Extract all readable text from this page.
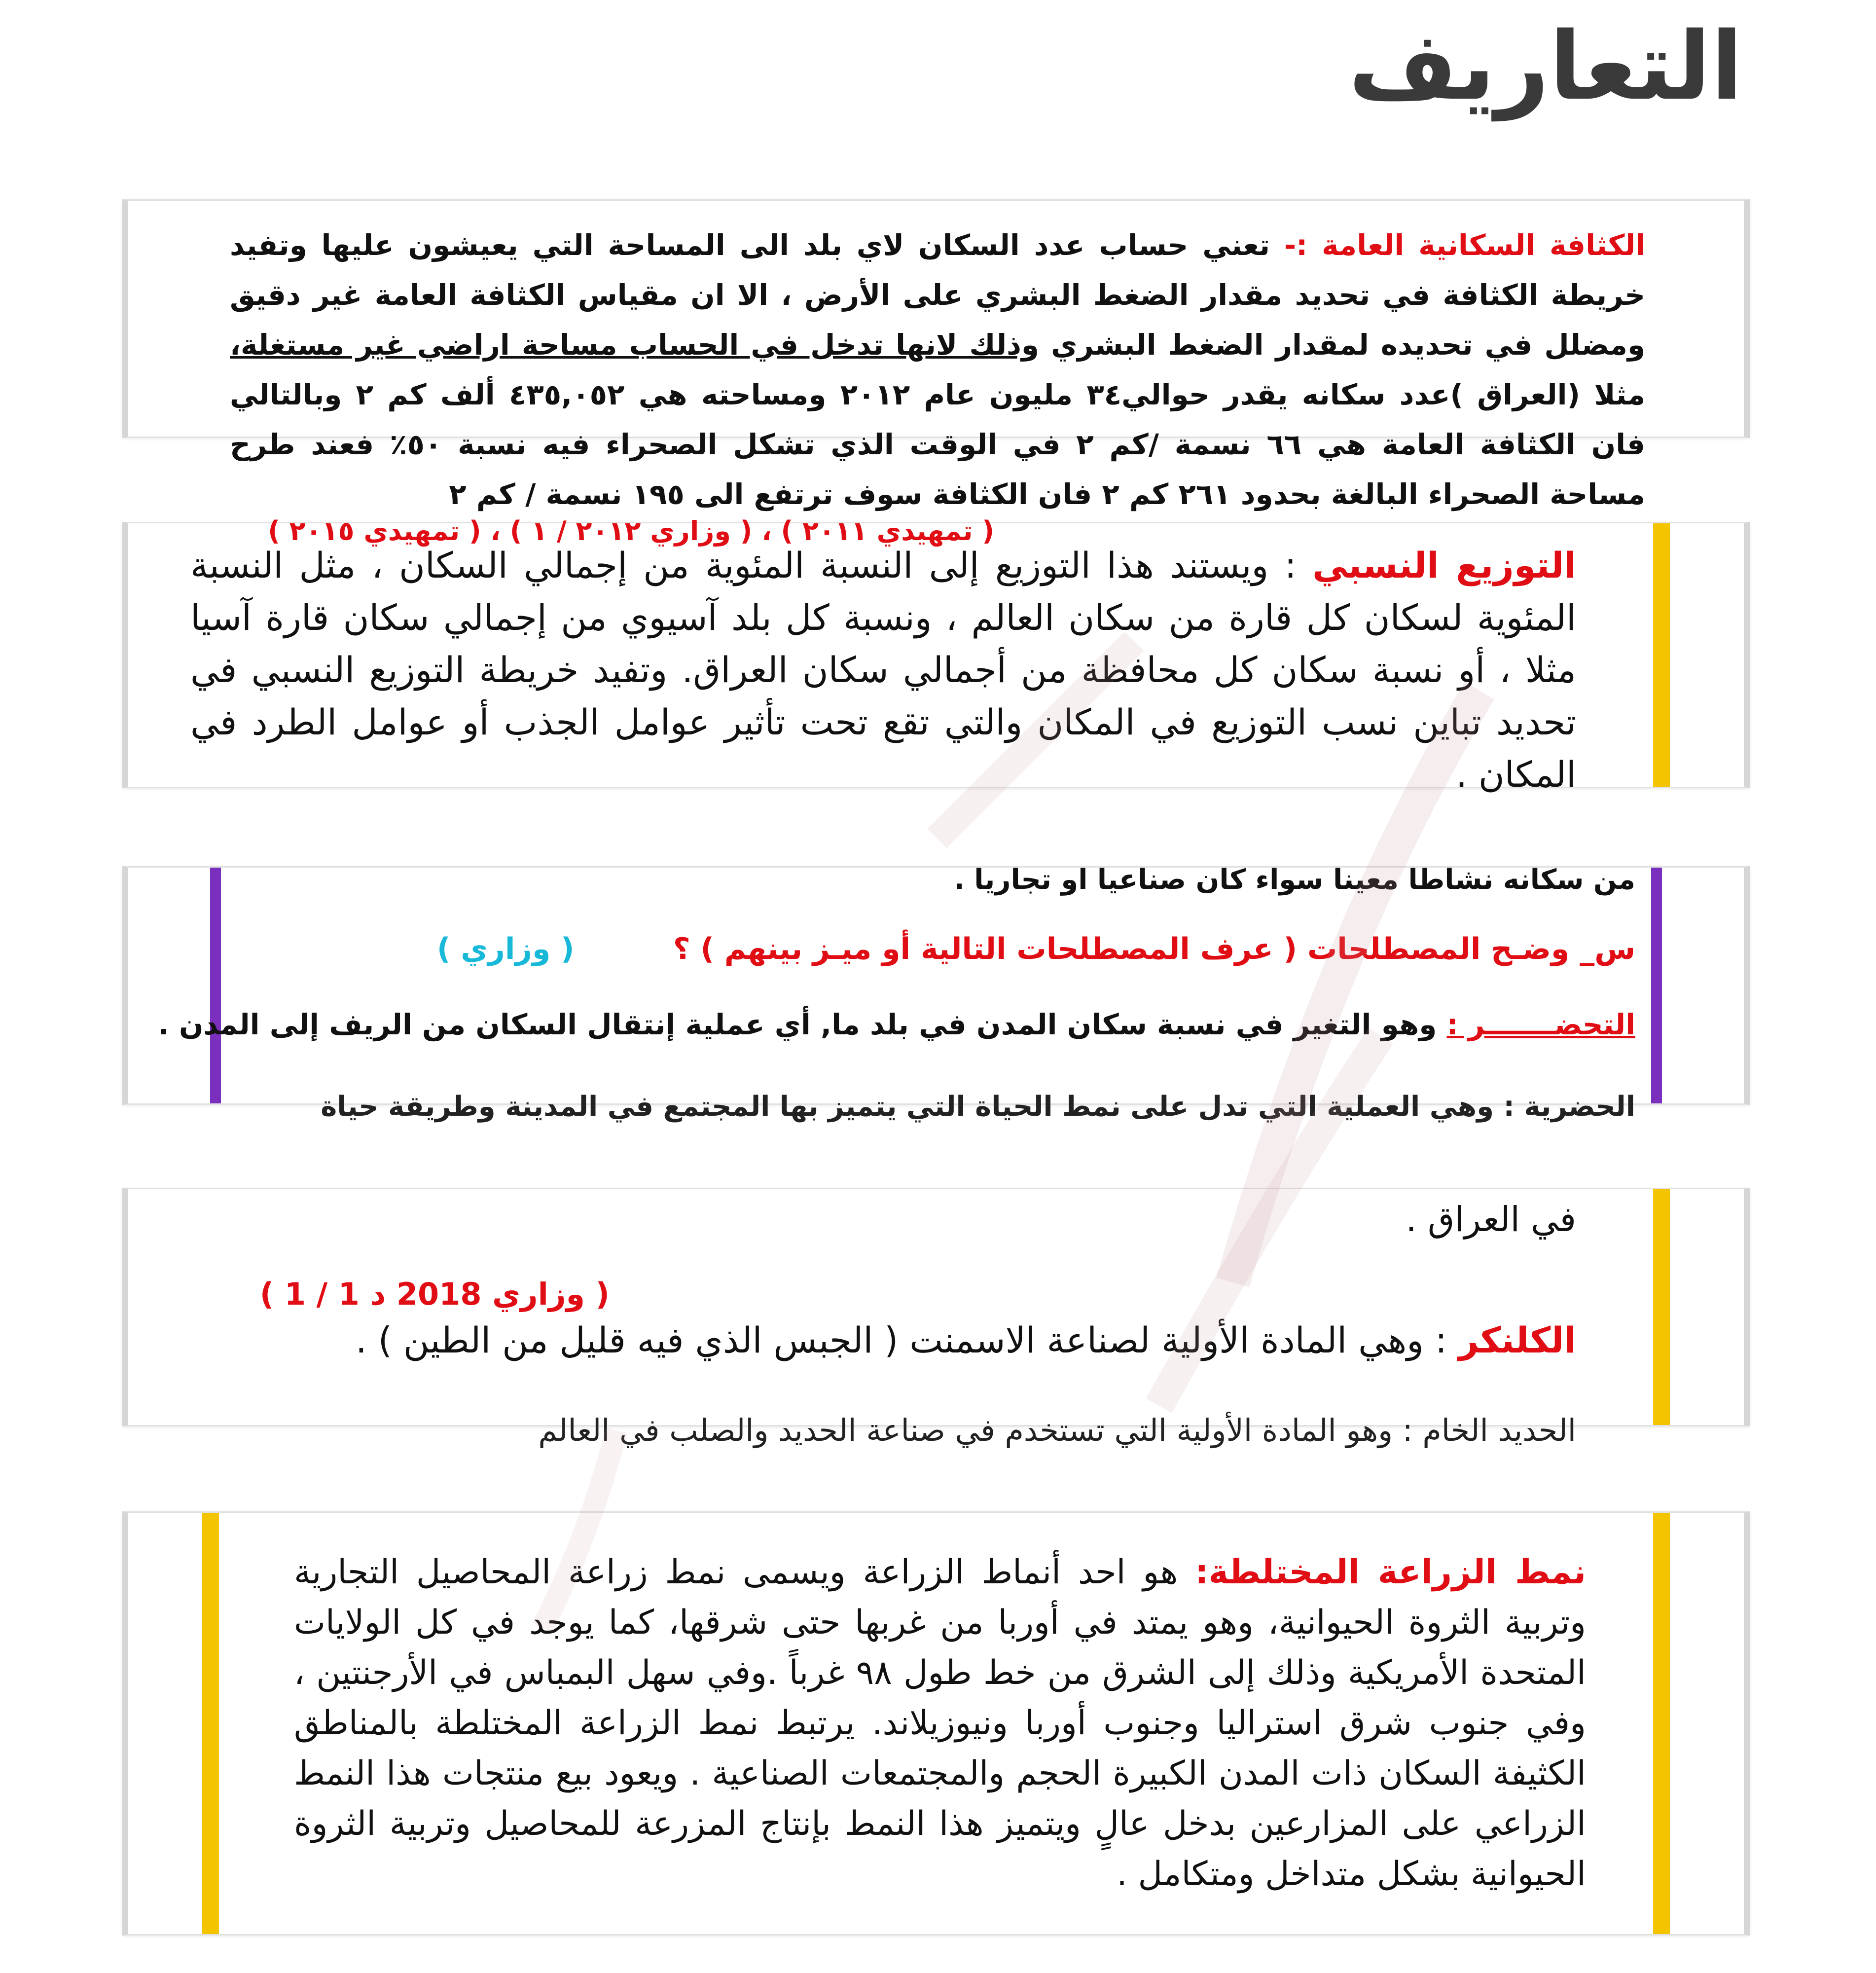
التعاريف
الكثافة السكانية العامة :- تعني حساب عدد السكان لاي بلد الى المساحة التي يعيشون عليها وتفيد خريطة الكثافة في تحديد مقدار الضغط البشري على الأرض ، الا ان مقياس الكثافة العامة غير دقيق ومضلل في تحديده لمقدار الضغط البشري وذلك لانها تدخل في الحساب مساحة اراضي غير مستغلة، مثلا (العراق )عدد سكانه يقدر حوالي٣٤ مليون عام ٢٠١٢ ومساحته هي ٤٣٥,٠٥٢ ألف كم ٢ وبالتالي فان الكثافة العامة هي ٦٦ نسمة /كم ٢ في الوقت الذي تشكل الصحراء فيه نسبة ٥٠٪ فعند طرح مساحة الصحراء البالغة بحدود ٢٦١ كم ٢ فان الكثافة سوف ترتفع الى ١٩٥ نسمة / كم ٢
( تمهيدي ٢٠١١ ) ، ( وزاري ٢٠١٢ / ١ ) ، ( تمهيدي ٢٠١٥ )
التوزيع النسبي : ويستند هذا التوزيع إلى النسبة المئوية من إجمالي السكان ، مثل النسبة المئوية لسكان كل قارة من سكان العالم ، ونسبة كل بلد آسيوي من إجمالي سكان قارة آسيا مثلا ، أو نسبة سكان كل محافظة من أجمالي سكان العراق. وتفيد خريطة التوزيع النسبي في تحديد تباين نسب التوزيع في المكان والتي تقع تحت تأثير عوامل الجذب أو عوامل الطرد في المكان .
من سكانه نشاطا معينا سواء كان صناعيا او تجاريا .
س_ وضـح المصطلحات ( عرف المصطلحات التالية أو ميـز بينهم ) ؟
( وزاري )
التحضـــــــر : وهو التغير في نسبة سكان المدن في بلد ما, أي عملية إنتقال السكان من الريف إلى المدن .
الحضرية : وهي العملية التي تدل على نمط الحياة التي يتميز بها المجتمع في المدينة وطريقة حياة
في العراق .
( وزاري 2018 د 1 / 1 )
الكلنكر : وهي المادة الأولية لصناعة الاسمنت ( الجبس الذي فيه قليل من الطين ) .
الحديد الخام : وهو المادة الأولية التي تستخدم في صناعة الحديد والصلب في العالم
نمط الزراعة المختلطة: هو احد أنماط الزراعة ويسمى نمط زراعة المحاصيل التجارية وتربية الثروة الحيوانية، وهو يمتد في أوربا من غربها حتى شرقها، كما يوجد في كل الولايات المتحدة الأمريكية وذلك إلى الشرق من خط طول ٩٨ غرباً .وفي سهل البمباس في الأرجنتين ، وفي جنوب شرق استراليا وجنوب أوربا ونيوزيلاند. يرتبط نمط الزراعة المختلطة بالمناطق الكثيفة السكان ذات المدن الكبيرة الحجم والمجتمعات الصناعية . ويعود بيع منتجات هذا النمط الزراعي على المزارعين بدخل عالٍ ويتميز هذا النمط بإنتاج المزرعة للمحاصيل وتربية الثروة الحيوانية بشكل متداخل ومتكامل .
